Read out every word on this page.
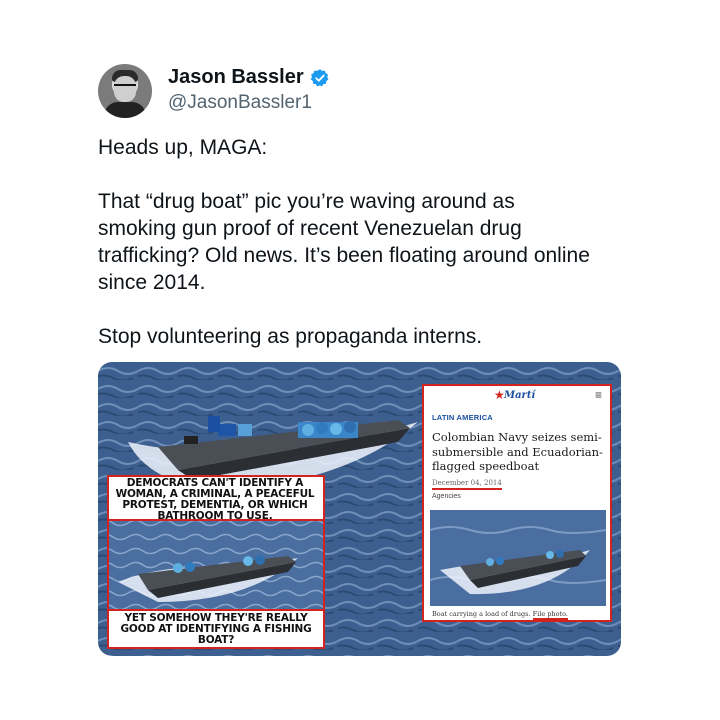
Jason Bassler
@JasonBassler1

Heads up, MAGA:

That “drug boat” pic you’re waving around as smoking gun proof of recent Venezuelan drug trafficking? Old news. It’s been floating around online since 2014.

Stop volunteering as propaganda interns.

DEMOCRATS CAN'T IDENTIFY A WOMAN, A CRIMINAL, A PEACEFUL PROTEST, DEMENTIA, OR WHICH BATHROOM TO USE.
YET SOMEHOW THEY'RE REALLY GOOD AT IDENTIFYING A FISHING BOAT?
★ Martí	≡
LATIN AMERICA
Colombian Navy seizes semi-submersible and Ecuadorian-flagged speedboat
December 04, 2014
Agencies
Boat carrying a load of drugs. File photo.
